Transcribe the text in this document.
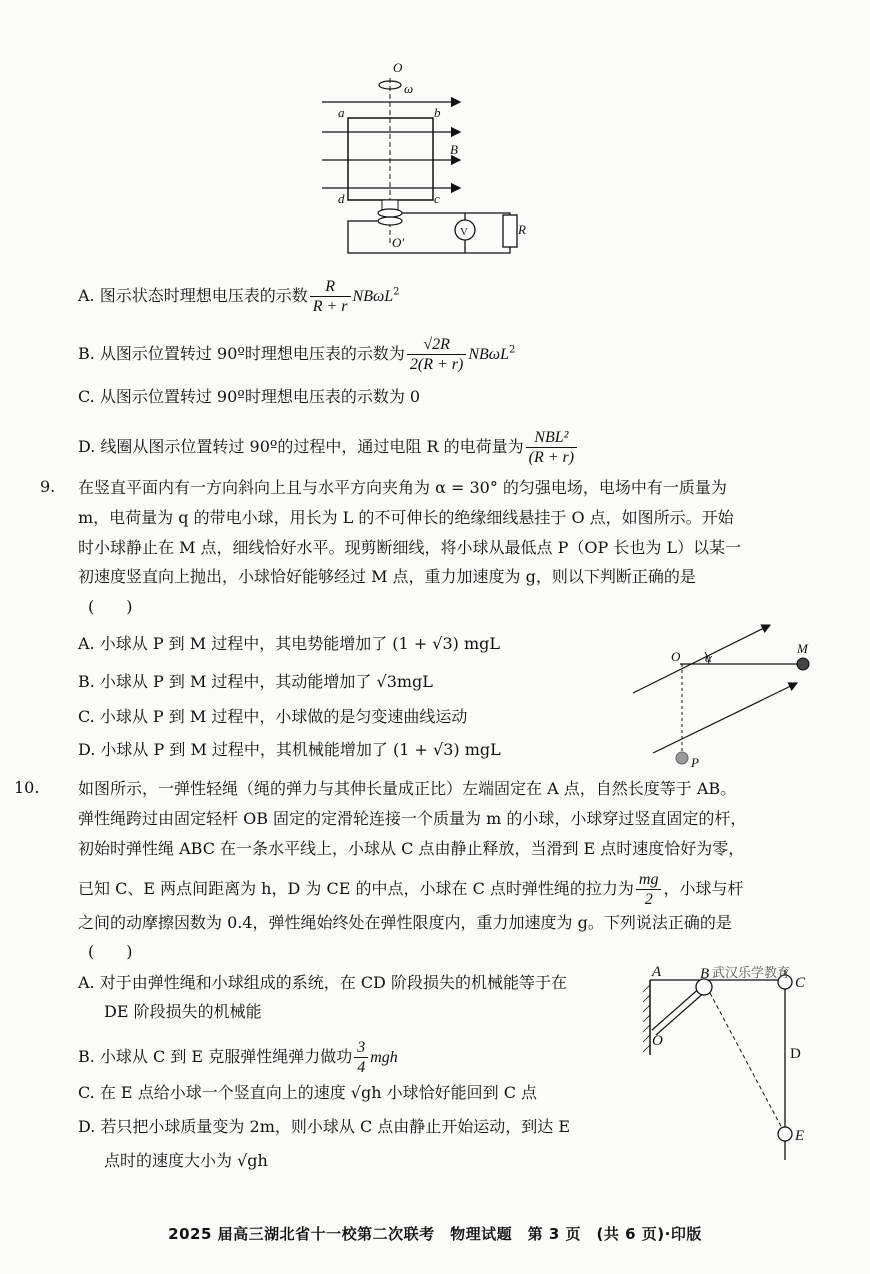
O
ω
a	b
B
d	c
O′
V	R
A. 图示状态时理想电压表的示数 $\frac{R}{R + r} NB\omega L^2$
B. 从图示位置转过 90º时理想电压表的示数为 $\frac{√2R}{2(R + r)} NB\omega L^2$
C. 从图示位置转过 90º时理想电压表的示数为 0
D. 线圈从图示位置转过 90º的过程中，通过电阻 R 的电荷量为 $\frac{\text{NBL²}}{(R + r)}$
9. 在竖直平面内有一方向斜向上且与水平方向夹角为 α = 30° 的匀强电场，电场中有一质量为
m，电荷量为 q 的带电小球，用长为 L 的不可伸长的绝缘细线悬挂于 O 点，如图所示。开始
时小球静止在 M 点，细线恰好水平。现剪断细线，将小球从最低点 P（OP 长也为 L）以某一
初速度竖直向上抛出，小球恰好能够经过 M 点，重力加速度为 g，则以下判断正确的是
(　　)
A. 小球从 P 到 M 过程中，其电势能增加了 (1 + √3) mgL
B. 小球从 P 到 M 过程中，其动能增加了 √3mgL
C. 小球从 P 到 M 过程中，小球做的是匀变速曲线运动
D. 小球从 P 到 M 过程中，其机械能增加了 (1 + √3) mgL
O α
M
P
10. 如图所示，一弹性轻绳（绳的弹力与其伸长量成正比）左端固定在 A 点，自然长度等于 AB。
弹性绳跨过由固定轻杆 OB 固定的定滑轮连接一个质量为 m 的小球，小球穿过竖直固定的杆，
初始时弹性绳 ABC 在一条水平线上，小球从 C 点由静止释放，当滑到 E 点时速度恰好为零，
已知 C、E 两点间距离为 h，D 为 CE 的中点，小球在 C 点时弹性绳的拉力为 $\frac{mg}{2}$ ，小球与杆
之间的动摩擦因数为 0.4，弹性绳始终处在弹性限度内，重力加速度为 g。下列说法正确的是
(　　)
A. 对于由弹性绳和小球组成的系统，在 CD 阶段损失的机械能等于在
DE 阶段损失的机械能
B. 小球从 C 到 E 克服弹性绳弹力做功 $\frac{3}{4}$ mgh
C. 在 E 点给小球一个竖直向上的速度 √gh 小球恰好能回到 C 点
D. 若只把小球质量变为 2m，则小球从 C 点由静止开始运动，到达 E
点时的速度大小为 √gh
A	B 武汉乐学教育
C
D
E
O
2025 届高三湖北省十一校第二次联考　物理试题　第 3 页　(共 6 页)·印版
